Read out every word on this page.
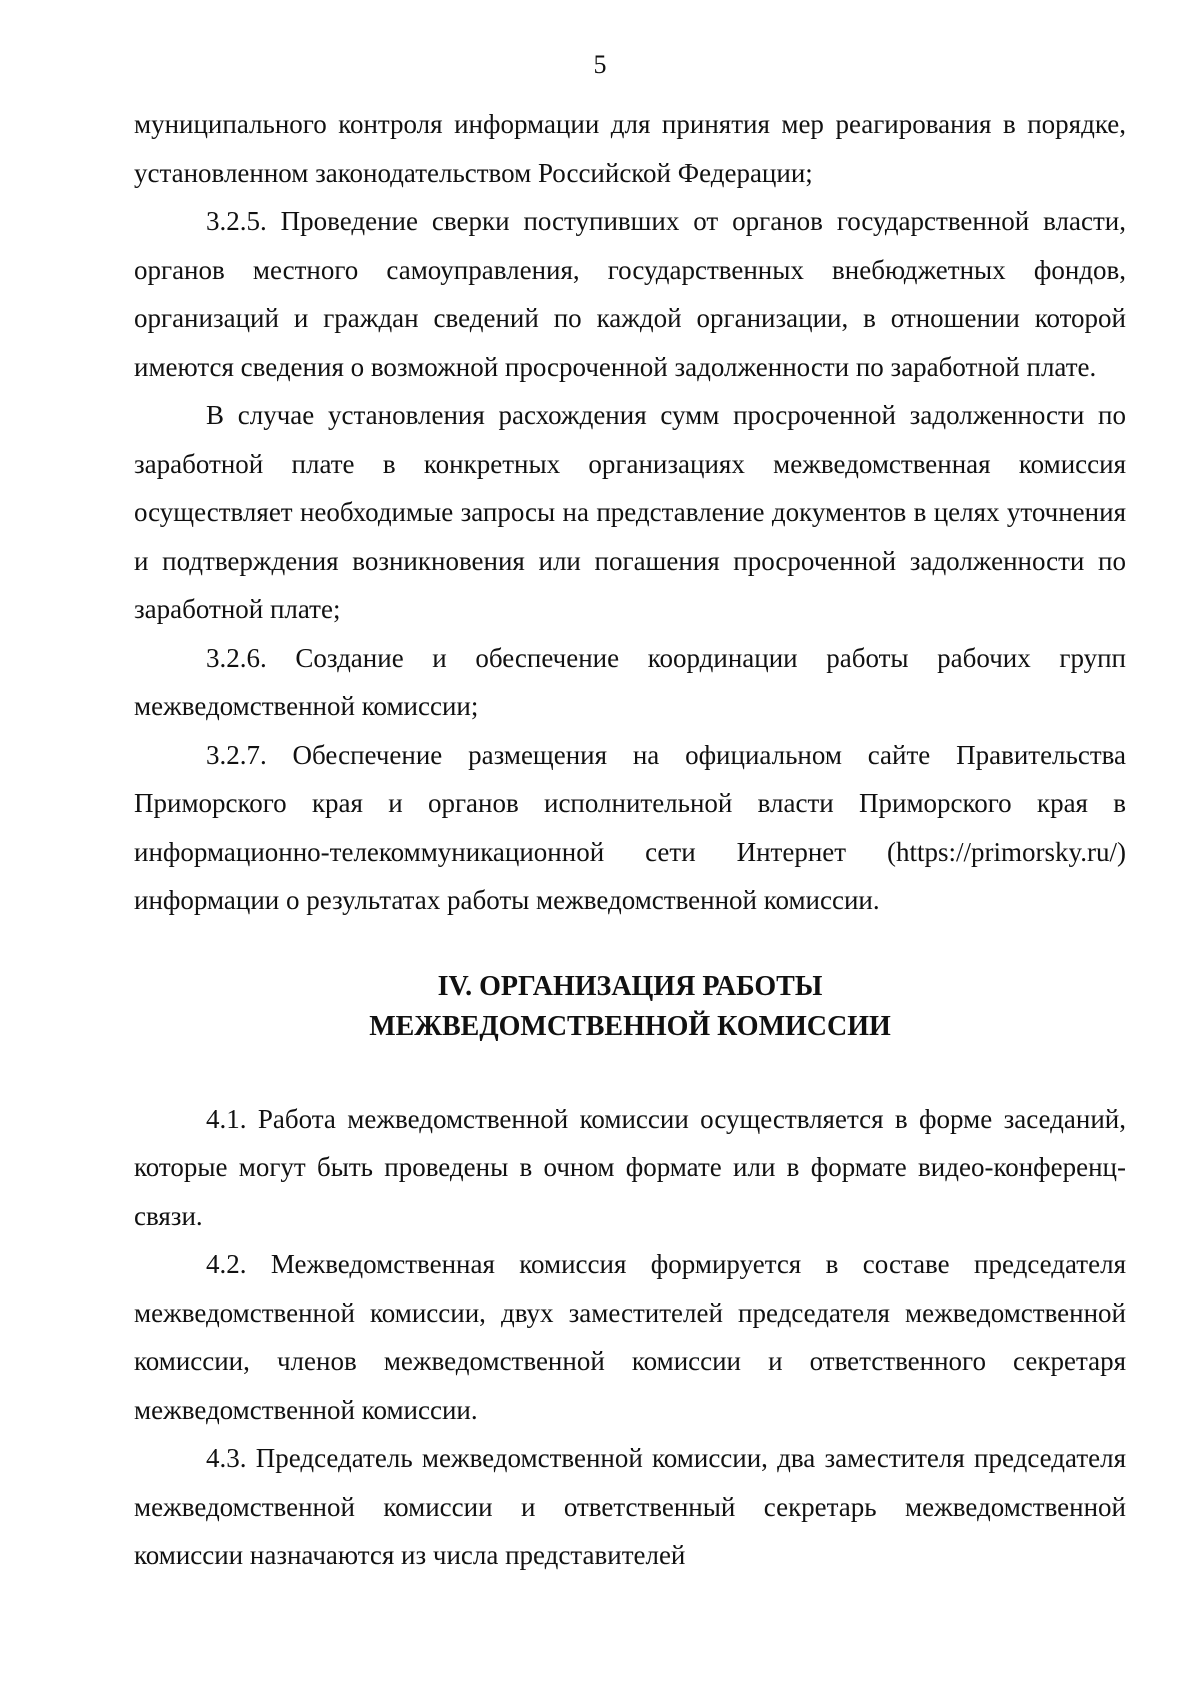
5

муниципального контроля информации для принятия мер реагирования в порядке, установленном законодательством Российской Федерации;

3.2.5. Проведение сверки поступивших от органов государственной власти, органов местного самоуправления, государственных внебюджетных фондов, организаций и граждан сведений по каждой организации, в отношении которой имеются сведения о возможной просроченной задолженности по заработной плате.

В случае установления расхождения сумм просроченной задолженности по заработной плате в конкретных организациях межведомственная комиссия осуществляет необходимые запросы на представление документов в целях уточнения и подтверждения возникновения или погашения просроченной задолженности по заработной плате;

3.2.6. Создание и обеспечение координации работы рабочих групп межведомственной комиссии;

3.2.7. Обеспечение размещения на официальном сайте Правительства Приморского края и органов исполнительной власти Приморского края в информационно-телекоммуникационной сети Интернет (https://primorsky.ru/) информации о результатах работы межведомственной комиссии.

IV. ОРГАНИЗАЦИЯ РАБОТЫ
МЕЖВЕДОМСТВЕННОЙ КОМИССИИ

4.1. Работа межведомственной комиссии осуществляется в форме заседаний, которые могут быть проведены в очном формате или в формате видео-конференц-связи.

4.2. Межведомственная комиссия формируется в составе председателя межведомственной комиссии, двух заместителей председателя межведомственной комиссии, членов межведомственной комиссии и ответственного секретаря межведомственной комиссии.

4.3. Председатель межведомственной комиссии, два заместителя председателя межведомственной комиссии и ответственный секретарь межведомственной комиссии назначаются из числа представителей
